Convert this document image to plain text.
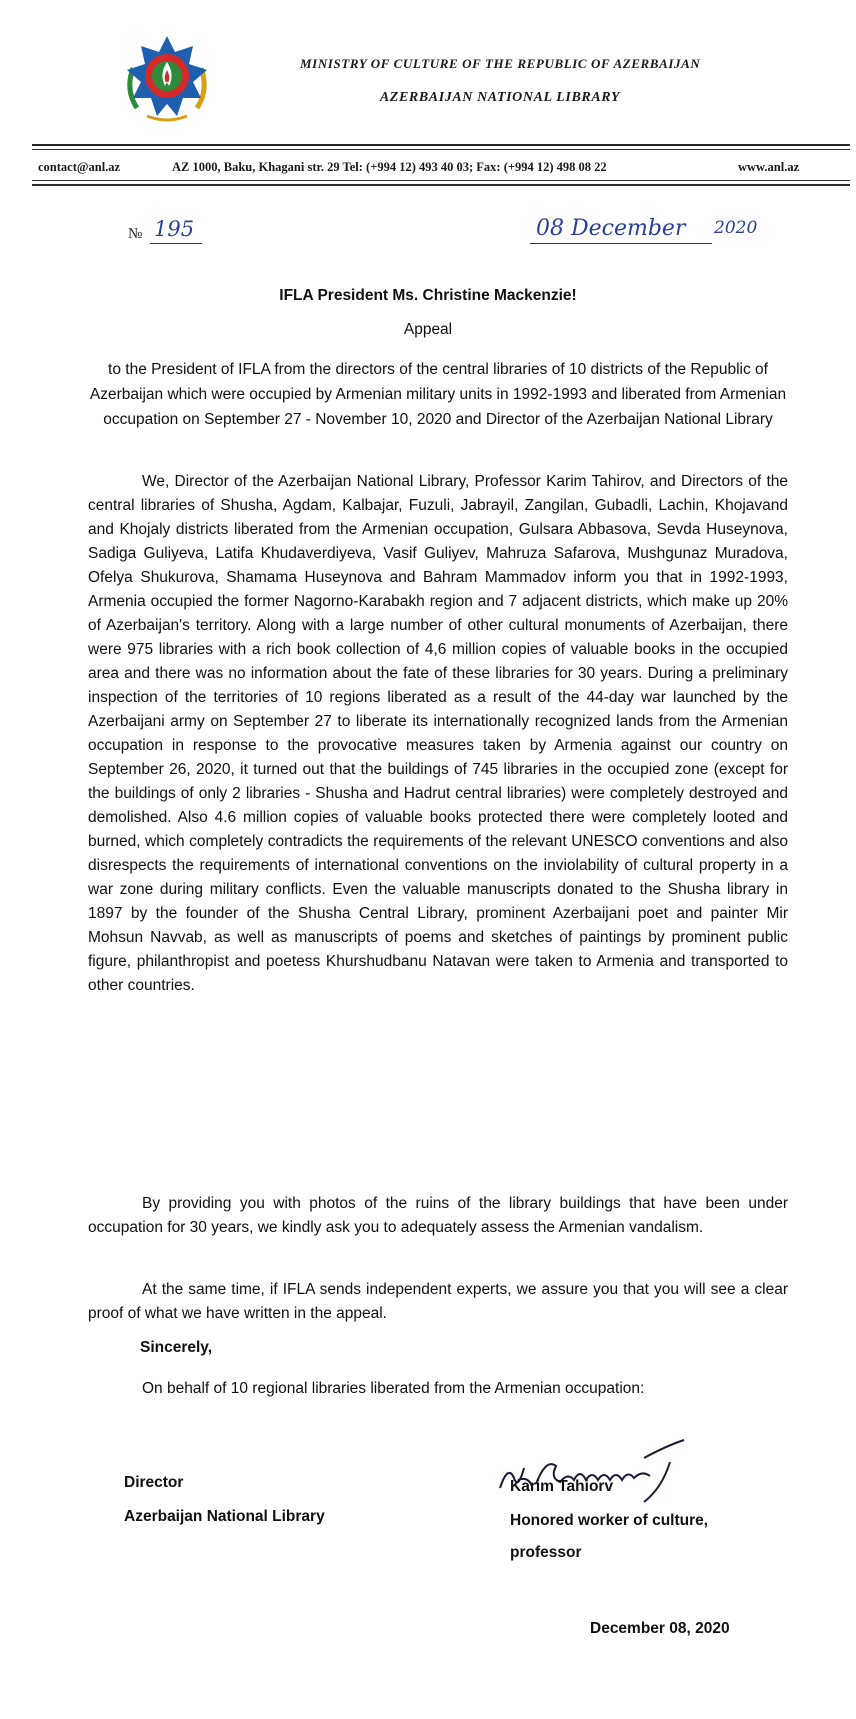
MINISTRY OF CULTURE OF THE REPUBLIC OF AZERBAIJAN
AZERBAIJAN NATIONAL LIBRARY
contact@anl.az	AZ 1000, Baku, Khagani str. 29 Tel: (+994 12) 493 40 03; Fax: (+994 12) 498 08 22	www.anl.az
№ 195	08 December 2020
IFLA President Ms. Christine Mackenzie!
Appeal
to the President of IFLA from the directors of the central libraries of 10 districts of the Republic of Azerbaijan which were occupied by Armenian military units in 1992-1993 and liberated from Armenian occupation on September 27 - November 10, 2020 and Director of the Azerbaijan National Library
We, Director of the Azerbaijan National Library, Professor Karim Tahirov, and Directors of the central libraries of Shusha, Agdam, Kalbajar, Fuzuli, Jabrayil, Zangilan, Gubadli, Lachin, Khojavand and Khojaly districts liberated from the Armenian occupation, Gulsara Abbasova, Sevda Huseynova, Sadiga Guliyeva, Latifa Khudaverdiyeva, Vasif Guliyev, Mahruza Safarova, Mushgunaz Muradova, Ofelya Shukurova, Shamama Huseynova and Bahram Mammadov inform you that in 1992-1993, Armenia occupied the former Nagorno-Karabakh region and 7 adjacent districts, which make up 20% of Azerbaijan's territory. Along with a large number of other cultural monuments of Azerbaijan, there were 975 libraries with a rich book collection of 4,6 million copies of valuable books in the occupied area and there was no information about the fate of these libraries for 30 years. During a preliminary inspection of the territories of 10 regions liberated as a result of the 44-day war launched by the Azerbaijani army on September 27 to liberate its internationally recognized lands from the Armenian occupation in response to the provocative measures taken by Armenia against our country on September 26, 2020, it turned out that the buildings of 745 libraries in the occupied zone (except for the buildings of only 2 libraries - Shusha and Hadrut central libraries) were completely destroyed and demolished. Also 4.6 million copies of valuable books protected there were completely looted and burned, which completely contradicts the requirements of the relevant UNESCO conventions and also disrespects the requirements of international conventions on the inviolability of cultural property in a war zone during military conflicts. Even the valuable manuscripts donated to the Shusha library in 1897 by the founder of the Shusha Central Library, prominent Azerbaijani poet and painter Mir Mohsun Navvab, as well as manuscripts of poems and sketches of paintings by prominent public figure, philanthropist and poetess Khurshudbanu Natavan were taken to Armenia and transported to other countries.
By providing you with photos of the ruins of the library buildings that have been under occupation for 30 years, we kindly ask you to adequately assess the Armenian vandalism.
At the same time, if IFLA sends independent experts, we assure you that you will see a clear proof of what we have written in the appeal.
Sincerely,
On behalf of 10 regional libraries liberated from the Armenian occupation:
Director
Azerbaijan National Library
Karim Tahiorv
Honored worker of culture,
professor
December 08, 2020
